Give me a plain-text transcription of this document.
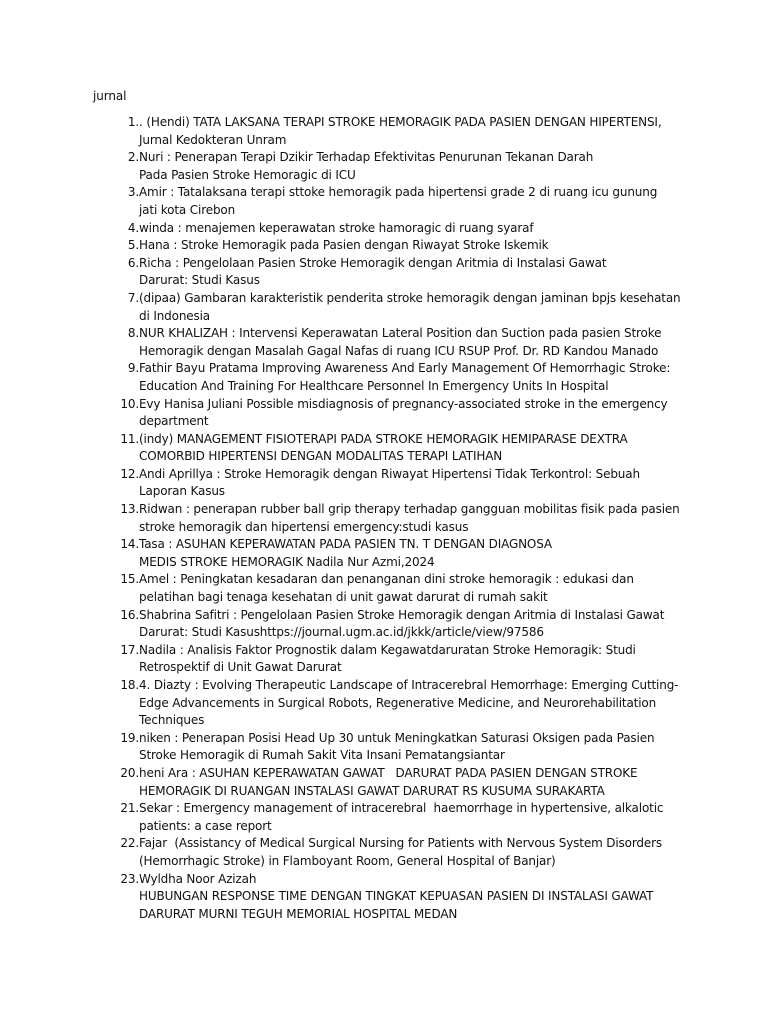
jurnal
1. . (Hendi) TATA LAKSANA TERAPI STROKE HEMORAGIK PADA PASIEN DENGAN HIPERTENSI,
Jurnal Kedokteran Unram
2. Nuri : Penerapan Terapi Dzikir Terhadap Efektivitas Penurunan Tekanan Darah
Pada Pasien Stroke Hemoragic di ICU
3. Amir : Tatalaksana terapi sttoke hemoragik pada hipertensi grade 2 di ruang icu gunung
jati kota Cirebon
4. winda : menajemen keperawatan stroke hamoragic di ruang syaraf
5. Hana : Stroke Hemoragik pada Pasien dengan Riwayat Stroke Iskemik
6. Richa : Pengelolaan Pasien Stroke Hemoragik dengan Aritmia di Instalasi Gawat
Darurat: Studi Kasus
7. (dipaa) Gambaran karakteristik penderita stroke hemoragik dengan jaminan bpjs kesehatan
di Indonesia
8. NUR KHALIZAH : Intervensi Keperawatan Lateral Position dan Suction pada pasien Stroke
Hemoragik dengan Masalah Gagal Nafas di ruang ICU RSUP Prof. Dr. RD Kandou Manado
9. Fathir Bayu Pratama Improving Awareness And Early Management Of Hemorrhagic Stroke:
Education And Training For Healthcare Personnel In Emergency Units In Hospital
10. Evy Hanisa Juliani Possible misdiagnosis of pregnancy-associated stroke in the emergency
department
11. (indy) MANAGEMENT FISIOTERAPI PADA STROKE HEMORAGIK HEMIPARASE DEXTRA
COMORBID HIPERTENSI DENGAN MODALITAS TERAPI LATIHAN
12. Andi Aprillya : Stroke Hemoragik dengan Riwayat Hipertensi Tidak Terkontrol: Sebuah
Laporan Kasus
13. Ridwan : penerapan rubber ball grip therapy terhadap gangguan mobilitas fisik pada pasien
stroke hemoragik dan hipertensi emergency:studi kasus
14. Tasa : ASUHAN KEPERAWATAN PADA PASIEN TN. T DENGAN DIAGNOSA
MEDIS STROKE HEMORAGIK Nadila Nur Azmi,2024
15. Amel : Peningkatan kesadaran dan penanganan dini stroke hemoragik : edukasi dan
pelatihan bagi tenaga kesehatan di unit gawat darurat di rumah sakit
16. Shabrina Safitri : Pengelolaan Pasien Stroke Hemoragik dengan Aritmia di Instalasi Gawat
Darurat: Studi Kasushttps://journal.ugm.ac.id/jkkk/article/view/97586
17. Nadila : Analisis Faktor Prognostik dalam Kegawatdaruratan Stroke Hemoragik: Studi
Retrospektif di Unit Gawat Darurat
18. 4. Diazty : Evolving Therapeutic Landscape of Intracerebral Hemorrhage: Emerging Cutting-
Edge Advancements in Surgical Robots, Regenerative Medicine, and Neurorehabilitation
Techniques
19. niken : Penerapan Posisi Head Up 30 untuk Meningkatkan Saturasi Oksigen pada Pasien
Stroke Hemoragik di Rumah Sakit Vita Insani Pematangsiantar
20. heni Ara : ASUHAN KEPERAWATAN GAWAT   DARURAT PADA PASIEN DENGAN STROKE
HEMORAGIK DI RUANGAN INSTALASI GAWAT DARURAT RS KUSUMA SURAKARTA
21. Sekar : Emergency management of intracerebral  haemorrhage in hypertensive, alkalotic
patients: a case report
22. Fajar  (Assistancy of Medical Surgical Nursing for Patients with Nervous System Disorders
(Hemorrhagic Stroke) in Flamboyant Room, General Hospital of Banjar)
23. Wyldha Noor Azizah
HUBUNGAN RESPONSE TIME DENGAN TINGKAT KEPUASAN PASIEN DI INSTALASI GAWAT
DARURAT MURNI TEGUH MEMORIAL HOSPITAL MEDAN
